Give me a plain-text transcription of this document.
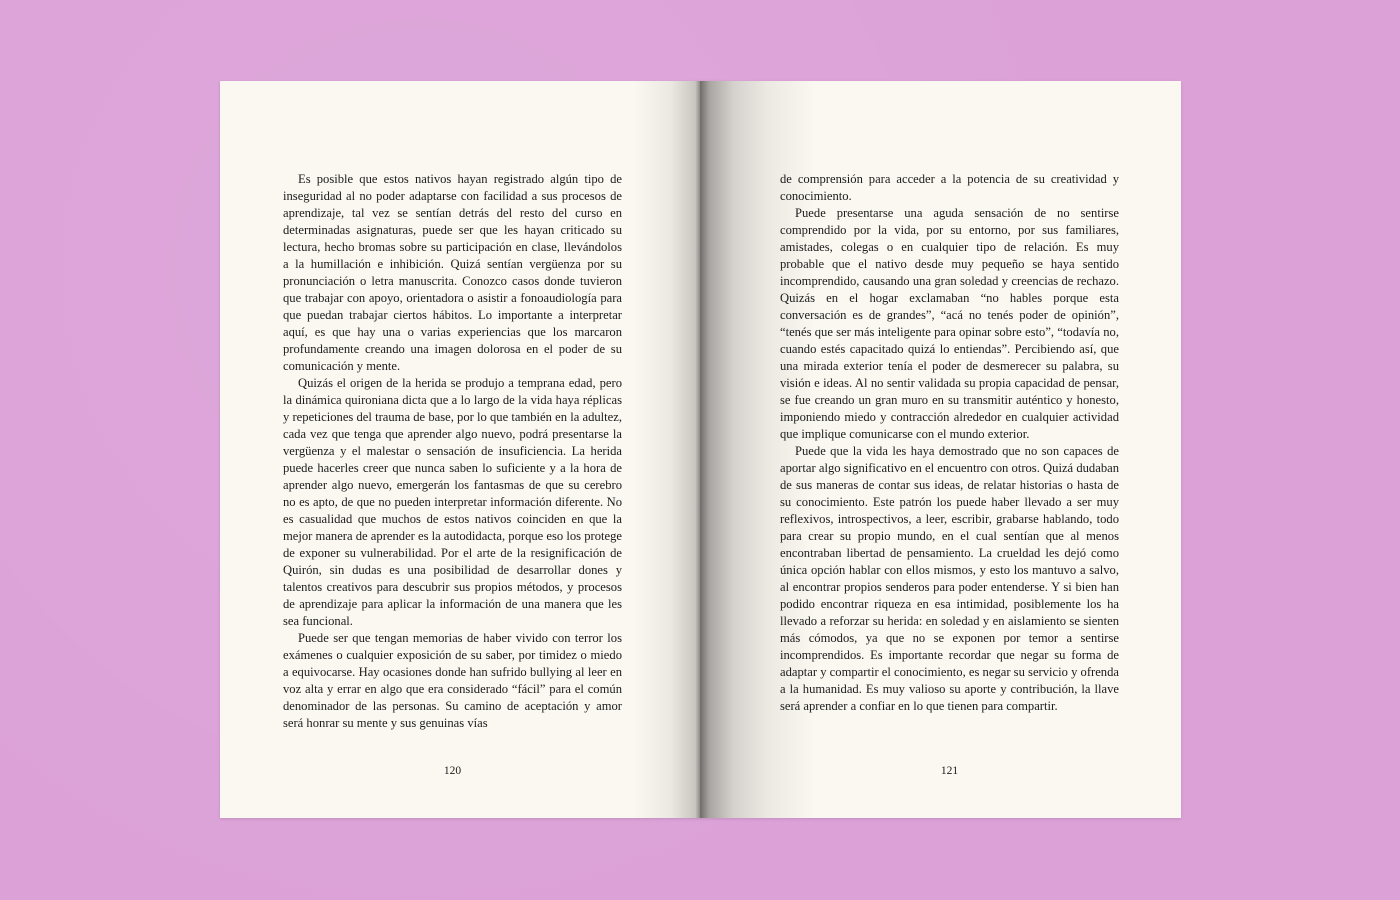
Es posible que estos nativos hayan registrado algún tipo de inseguridad al no poder adaptarse con facilidad a sus procesos de aprendizaje, tal vez se sentían detrás del resto del curso en determinadas asignaturas, puede ser que les hayan criticado su lectura, hecho bromas sobre su participación en clase, llevándolos a la humillación e inhibición. Quizá sentían vergüenza por su pronunciación o letra manuscrita. Conozco casos donde tuvieron que trabajar con apoyo, orientadora o asistir a fonoaudiología para que puedan trabajar ciertos hábitos. Lo importante a interpretar aquí, es que hay una o varias experiencias que los marcaron profundamente creando una imagen dolorosa en el poder de su comunicación y mente.

Quizás el origen de la herida se produjo a temprana edad, pero la dinámica quironiana dicta que a lo largo de la vida haya réplicas y repeticiones del trauma de base, por lo que también en la adultez, cada vez que tenga que aprender algo nuevo, podrá presentarse la vergüenza y el malestar o sensación de insuficiencia. La herida puede hacerles creer que nunca saben lo suficiente y a la hora de aprender algo nuevo, emergerán los fantasmas de que su cerebro no es apto, de que no pueden interpretar información diferente. No es casualidad que muchos de estos nativos coinciden en que la mejor manera de aprender es la autodidacta, porque eso los protege de exponer su vulnerabilidad. Por el arte de la resignificación de Quirón, sin dudas es una posibilidad de desarrollar dones y talentos creativos para descubrir sus propios métodos, y procesos de aprendizaje para aplicar la información de una manera que les sea funcional.

Puede ser que tengan memorias de haber vivido con terror los exámenes o cualquier exposición de su saber, por timidez o miedo a equivocarse. Hay ocasiones donde han sufrido bullying al leer en voz alta y errar en algo que era considerado “fácil” para el común denominador de las personas. Su camino de aceptación y amor será honrar su mente y sus genuinas vías

120

de comprensión para acceder a la potencia de su creatividad y conocimiento.

Puede presentarse una aguda sensación de no sentirse comprendido por la vida, por su entorno, por sus familiares, amistades, colegas o en cualquier tipo de relación. Es muy probable que el nativo desde muy pequeño se haya sentido incomprendido, causando una gran soledad y creencias de rechazo. Quizás en el hogar exclamaban “no hables porque esta conversación es de grandes”, “acá no tenés poder de opinión”, “tenés que ser más inteligente para opinar sobre esto”, “todavía no, cuando estés capacitado quizá lo entiendas”. Percibiendo así, que una mirada exterior tenía el poder de desmerecer su palabra, su visión e ideas. Al no sentir validada su propia capacidad de pensar, se fue creando un gran muro en su transmitir auténtico y honesto, imponiendo miedo y contracción alrededor en cualquier actividad que implique comunicarse con el mundo exterior.

Puede que la vida les haya demostrado que no son capaces de aportar algo significativo en el encuentro con otros. Quizá dudaban de sus maneras de contar sus ideas, de relatar historias o hasta de su conocimiento. Este patrón los puede haber llevado a ser muy reflexivos, introspectivos, a leer, escribir, grabarse hablando, todo para crear su propio mundo, en el cual sentían que al menos encontraban libertad de pensamiento. La crueldad les dejó como única opción hablar con ellos mismos, y esto los mantuvo a salvo, al encontrar propios senderos para poder entenderse. Y si bien han podido encontrar riqueza en esa intimidad, posiblemente los ha llevado a reforzar su herida: en soledad y en aislamiento se sienten más cómodos, ya que no se exponen por temor a sentirse incomprendidos. Es importante recordar que negar su forma de adaptar y compartir el conocimiento, es negar su servicio y ofrenda a la humanidad. Es muy valioso su aporte y contribución, la llave será aprender a confiar en lo que tienen para compartir.

121
